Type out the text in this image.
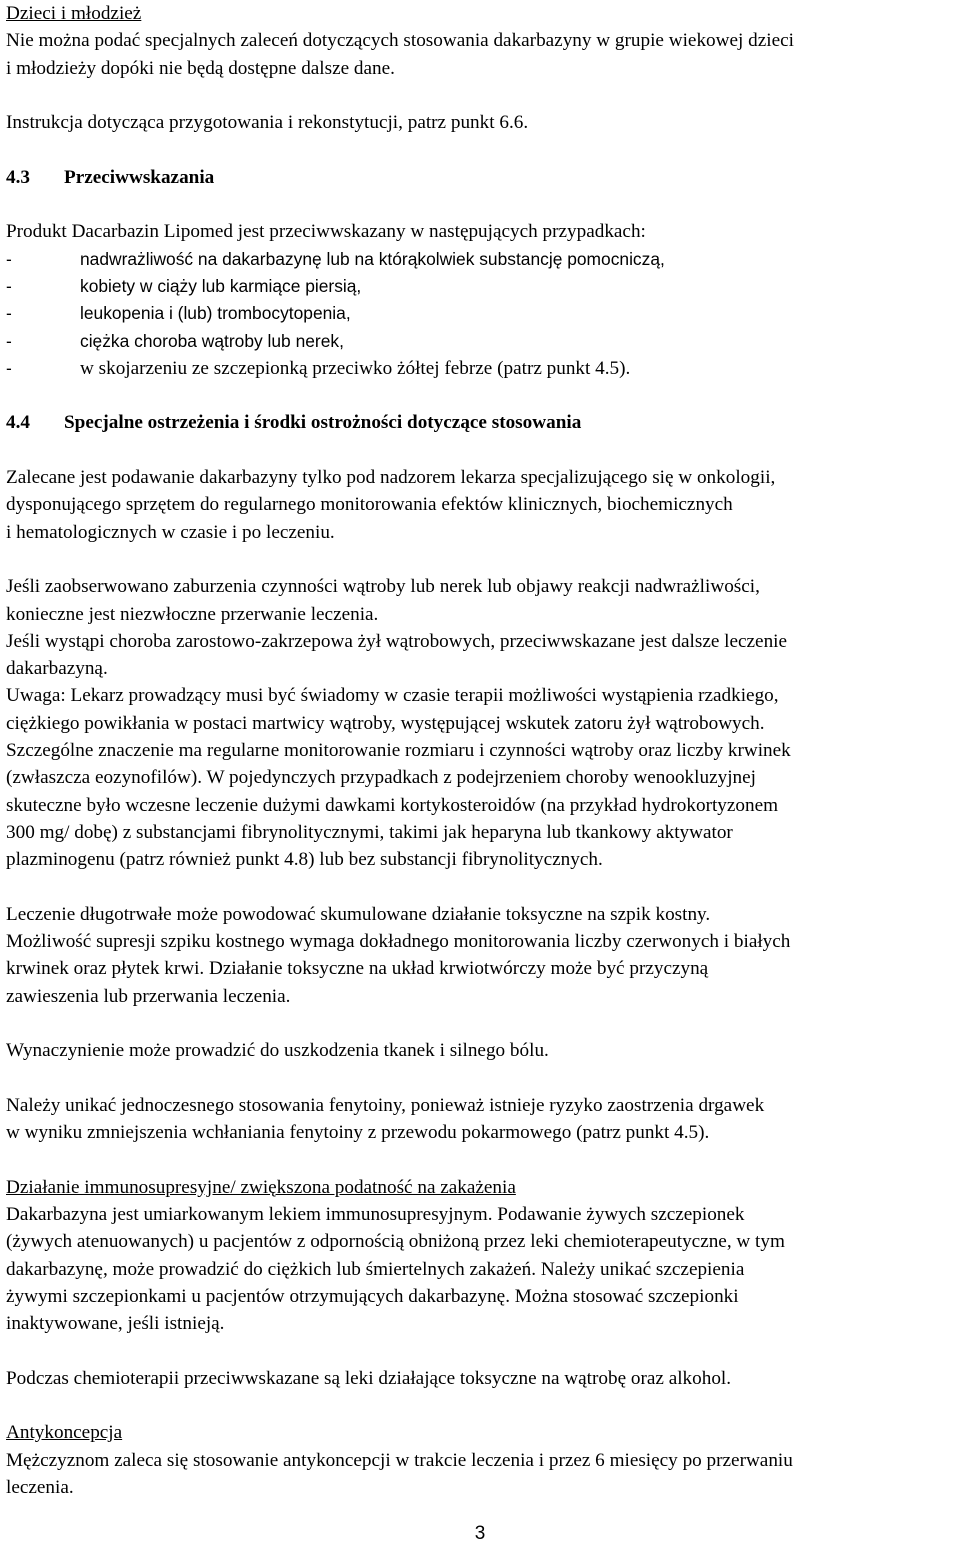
Dzieci i młodzież
Nie można podać specjalnych zaleceń dotyczących stosowania dakarbazyny w grupie wiekowej dzieci
i młodzieży dopóki nie będą dostępne dalsze dane.
Instrukcja dotycząca przygotowania i rekonstytucji, patrz punkt 6.6.
4.3 Przeciwwskazania
Produkt Dacarbazin Lipomed jest przeciwwskazany w następujących przypadkach:
-	nadwrażliwość na dakarbazynę lub na którąkolwiek substancję pomocniczą,
-	kobiety w ciąży lub karmiące piersią,
-	leukopenia i (lub) trombocytopenia,
-	ciężka choroba wątroby lub nerek,
-	w skojarzeniu ze szczepionką przeciwko żółtej febrze (patrz punkt 4.5).
4.4 Specjalne ostrzeżenia i środki ostrożności dotyczące stosowania
Zalecane jest podawanie dakarbazyny tylko pod nadzorem lekarza specjalizującego się w onkologii,
dysponującego sprzętem do regularnego monitorowania efektów klinicznych, biochemicznych
i hematologicznych w czasie i po leczeniu.
Jeśli zaobserwowano zaburzenia czynności wątroby lub nerek lub objawy reakcji nadwrażliwości,
konieczne jest niezwłoczne przerwanie leczenia.
Jeśli wystąpi choroba zarostowo-zakrzepowa żył wątrobowych, przeciwwskazane jest dalsze leczenie
dakarbazyną.
Uwaga: Lekarz prowadzący musi być świadomy w czasie terapii możliwości wystąpienia rzadkiego,
ciężkiego powikłania w postaci martwicy wątroby, występującej wskutek zatoru żył wątrobowych.
Szczególne znaczenie ma regularne monitorowanie rozmiaru i czynności wątroby oraz liczby krwinek
(zwłaszcza eozynofilów). W pojedynczych przypadkach z podejrzeniem choroby wenookluzyjnej
skuteczne było wczesne leczenie dużymi dawkami kortykosteroidów (na przykład hydrokortyzonem
300 mg/ dobę) z substancjami fibrynolitycznymi, takimi jak heparyna lub tkankowy aktywator
plazminogenu (patrz również punkt 4.8) lub bez substancji fibrynolitycznych.
Leczenie długotrwałe może powodować skumulowane działanie toksyczne na szpik kostny.
Możliwość supresji szpiku kostnego wymaga dokładnego monitorowania liczby czerwonych i białych
krwinek oraz płytek krwi. Działanie toksyczne na układ krwiotwórczy może być przyczyną
zawieszenia lub przerwania leczenia.
Wynaczynienie może prowadzić do uszkodzenia tkanek i silnego bólu.
Należy unikać jednoczesnego stosowania fenytoiny, ponieważ istnieje ryzyko zaostrzenia drgawek
w wyniku zmniejszenia wchłaniania fenytoiny z przewodu pokarmowego (patrz punkt 4.5).
Działanie immunosupresyjne/ zwiększona podatność na zakażenia
Dakarbazyna jest umiarkowanym lekiem immunosupresyjnym. Podawanie żywych szczepionek
(żywych atenuowanych) u pacjentów z odpornością obniżoną przez leki chemioterapeutyczne, w tym
dakarbazynę, może prowadzić do ciężkich lub śmiertelnych zakażeń. Należy unikać szczepienia
żywymi szczepionkami u pacjentów otrzymujących dakarbazynę. Można stosować szczepionki
inaktywowane, jeśli istnieją.
Podczas chemioterapii przeciwwskazane są leki działające toksyczne na wątrobę oraz alkohol.
Antykoncepcja
Mężczyznom zaleca się stosowanie antykoncepcji w trakcie leczenia i przez 6 miesięcy po przerwaniu
leczenia.
3
